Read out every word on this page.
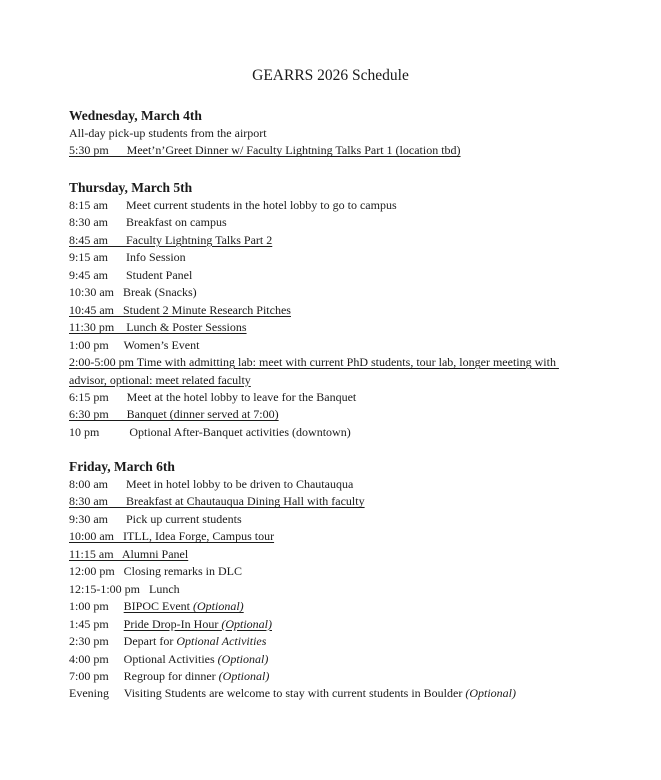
GEARRS 2026 Schedule
Wednesday, March 4th
All-day pick-up students from the airport
5:30 pm      Meet’n’Greet Dinner w/ Faculty Lightning Talks Part 1 (location tbd)
Thursday, March 5th
8:15 am      Meet current students in the hotel lobby to go to campus
8:30 am      Breakfast on campus
8:45 am      Faculty Lightning Talks Part 2
9:15 am      Info Session
9:45 am      Student Panel
10:30 am   Break (Snacks)
10:45 am   Student 2 Minute Research Pitches
11:30 pm    Lunch & Poster Sessions
1:00 pm     Women’s Event
2:00-5:00 pm Time with admitting lab: meet with current PhD students, tour lab, longer meeting with advisor, optional: meet related faculty
6:15 pm      Meet at the hotel lobby to leave for the Banquet
6:30 pm      Banquet (dinner served at 7:00)
10 pm          Optional After-Banquet activities (downtown)
Friday, March 6th
8:00 am      Meet in hotel lobby to be driven to Chautauqua
8:30 am      Breakfast at Chautauqua Dining Hall with faculty
9:30 am      Pick up current students
10:00 am   ITLL, Idea Forge, Campus tour
11:15 am   Alumni Panel
12:00 pm   Closing remarks in DLC
12:15-1:00 pm   Lunch
1:00 pm     BIPOC Event (Optional)
1:45 pm     Pride Drop-In Hour (Optional)
2:30 pm     Depart for Optional Activities
4:00 pm     Optional Activities (Optional)
7:00 pm     Regroup for dinner (Optional)
Evening     Visiting Students are welcome to stay with current students in Boulder (Optional)
